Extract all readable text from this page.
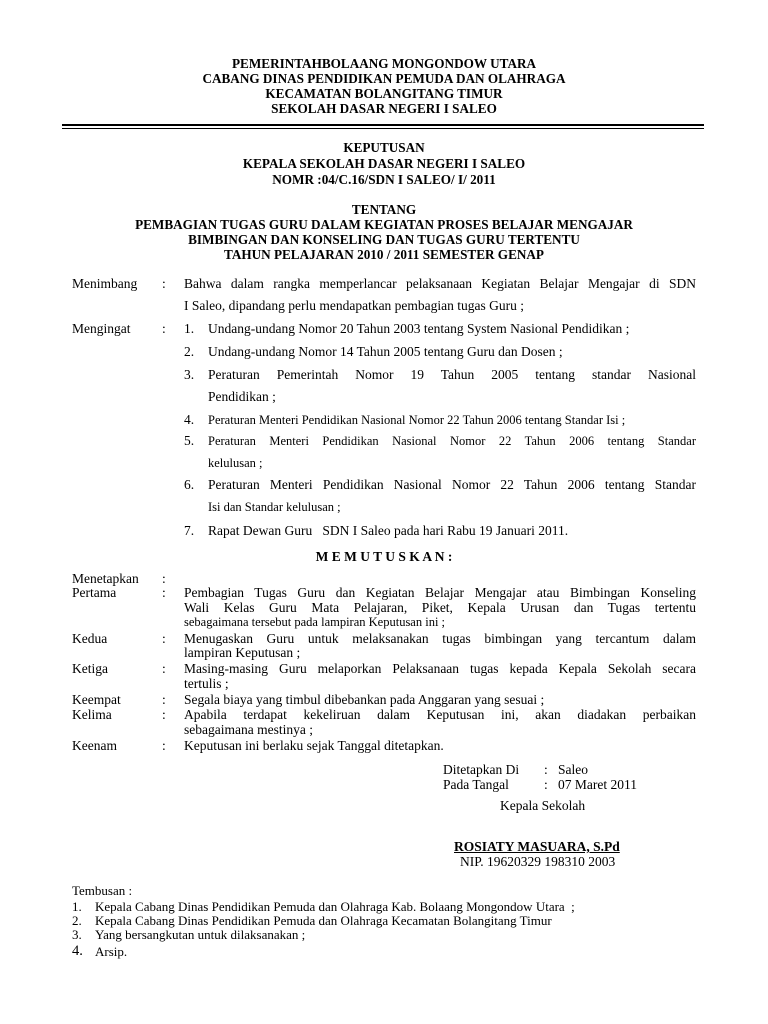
PEMERINTAHBOLAANG MONGONDOW UTARA
CABANG DINAS PENDIDIKAN PEMUDA DAN OLAHRAGA
KECAMATAN BOLANGITANG TIMUR
SEKOLAH DASAR NEGERI I SALEO
KEPUTUSAN
KEPALA SEKOLAH DASAR NEGERI I SALEO
NOMR :04/C.16/SDN I SALEO/ I/ 2011
TENTANG
PEMBAGIAN TUGAS GURU DALAM KEGIATAN PROSES BELAJAR MENGAJAR
BIMBINGAN DAN KONSELING DAN TUGAS GURU TERTENTU
TAHUN PELAJARAN 2010 / 2011 SEMESTER GENAP
Menimbang : Bahwa dalam rangka memperlancar pelaksanaan Kegiatan Belajar Mengajar di SDN
I Saleo, dipandang perlu mendapatkan pembagian tugas Guru ;
Mengingat : 1. Undang-undang Nomor 20 Tahun 2003 tentang System Nasional Pendidikan ;
2. Undang-undang Nomor 14 Tahun 2005 tentang Guru dan Dosen ;
3. Peraturan Pemerintah Nomor 19 Tahun 2005 tentang standar Nasional
Pendidikan ;
4. Peraturan Menteri Pendidikan Nasional Nomor 22 Tahun 2006 tentang Standar Isi ;
5. Peraturan Menteri Pendidikan Nasional Nomor 22 Tahun 2006 tentang Standar
kelulusan ;
6. Peraturan Menteri Pendidikan Nasional Nomor 22 Tahun 2006 tentang Standar
Isi dan Standar kelulusan ;
7. Rapat Dewan Guru   SDN I Saleo pada hari Rabu 19 Januari 2011.
M E M U T U S K A N :
Menetapkan :
Pertama	: Pembagian Tugas Guru dan Kegiatan Belajar Mengajar atau Bimbingan Konseling
Wali Kelas Guru Mata Pelajaran, Piket, Kepala Urusan dan Tugas tertentu
sebagaimana tersebut pada lampiran Keputusan ini ;
Kedua	: Menugaskan Guru untuk melaksanakan tugas bimbingan yang tercantum dalam
lampiran Keputusan ;
Ketiga	: Masing-masing Guru melaporkan Pelaksanaan tugas kepada Kepala Sekolah secara
tertulis ;
Keempat	: Segala biaya yang timbul dibebankan pada Anggaran yang sesuai ;
Kelima	: Apabila terdapat kekeliruan dalam Keputusan ini, akan diadakan perbaikan
sebagaimana mestinya ;
Keenam	: Keputusan ini berlaku sejak Tanggal ditetapkan.
Ditetapkan Di : Saleo
Pada Tangal	: 07 Maret 2011
Kepala Sekolah
ROSIATY MASUARA, S.Pd
NIP. 19620329 198310 2003
Tembusan :
1. Kepala Cabang Dinas Pendidikan Pemuda dan Olahraga Kab. Bolaang Mongondow Utara  ;
2. Kepala Cabang Dinas Pendidikan Pemuda dan Olahraga Kecamatan Bolangitang Timur
3. Yang bersangkutan untuk dilaksanakan ;
4. Arsip.
